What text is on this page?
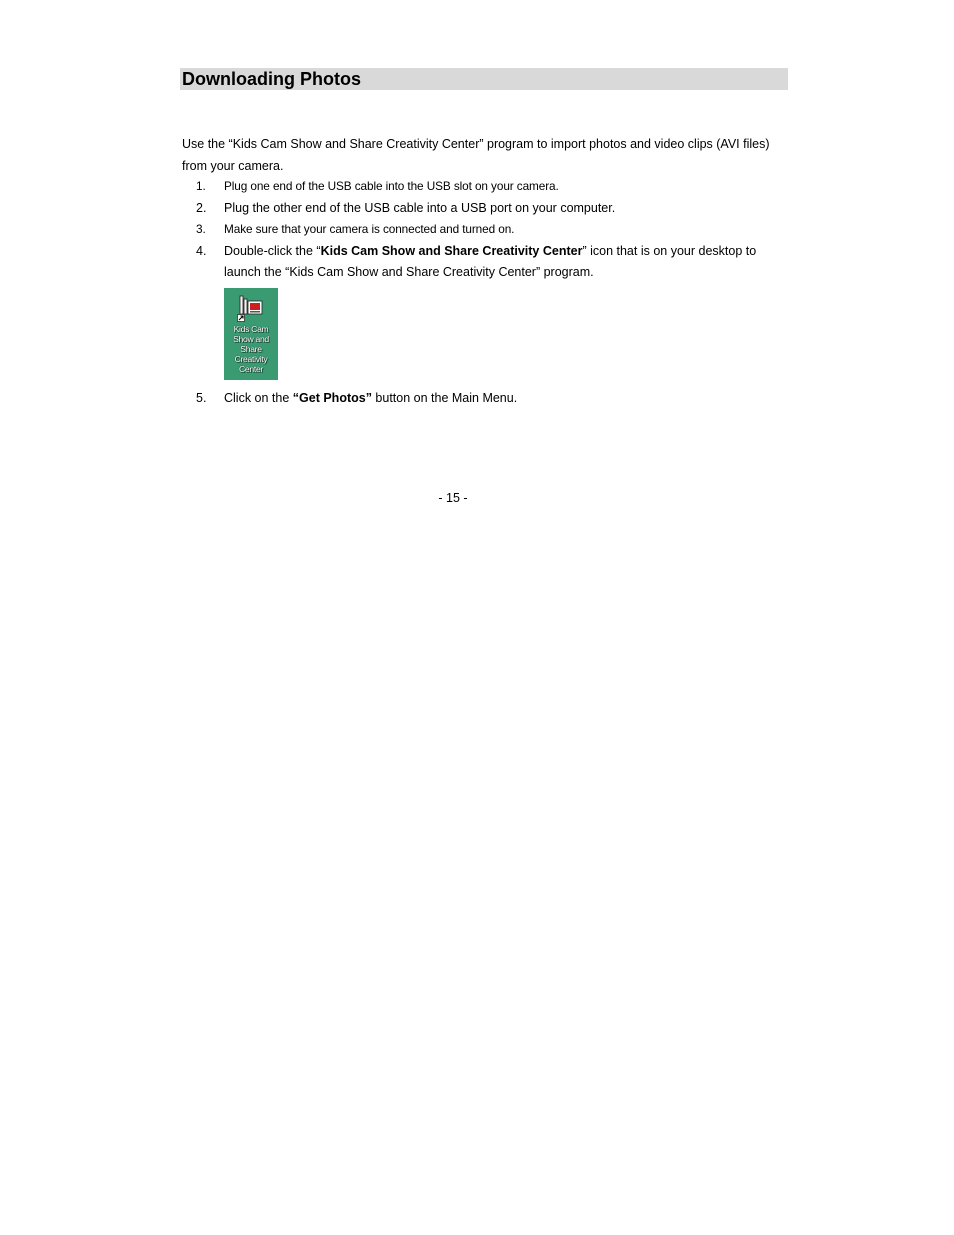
Downloading Photos

Use the “Kids Cam Show and Share Creativity Center” program to import photos and video clips (AVI files) from your camera.

1. Plug one end of the USB cable into the USB slot on your camera.
2. Plug the other end of the USB cable into a USB port on your computer.
3. Make sure that your camera is connected and turned on.
4. Double-click the “Kids Cam Show and Share Creativity Center” icon that is on your desktop to launch the “Kids Cam Show and Share Creativity Center” program.
Kids Cam Show and Share Creativity Center
5. Click on the “Get Photos” button on the Main Menu.

- 15 -
